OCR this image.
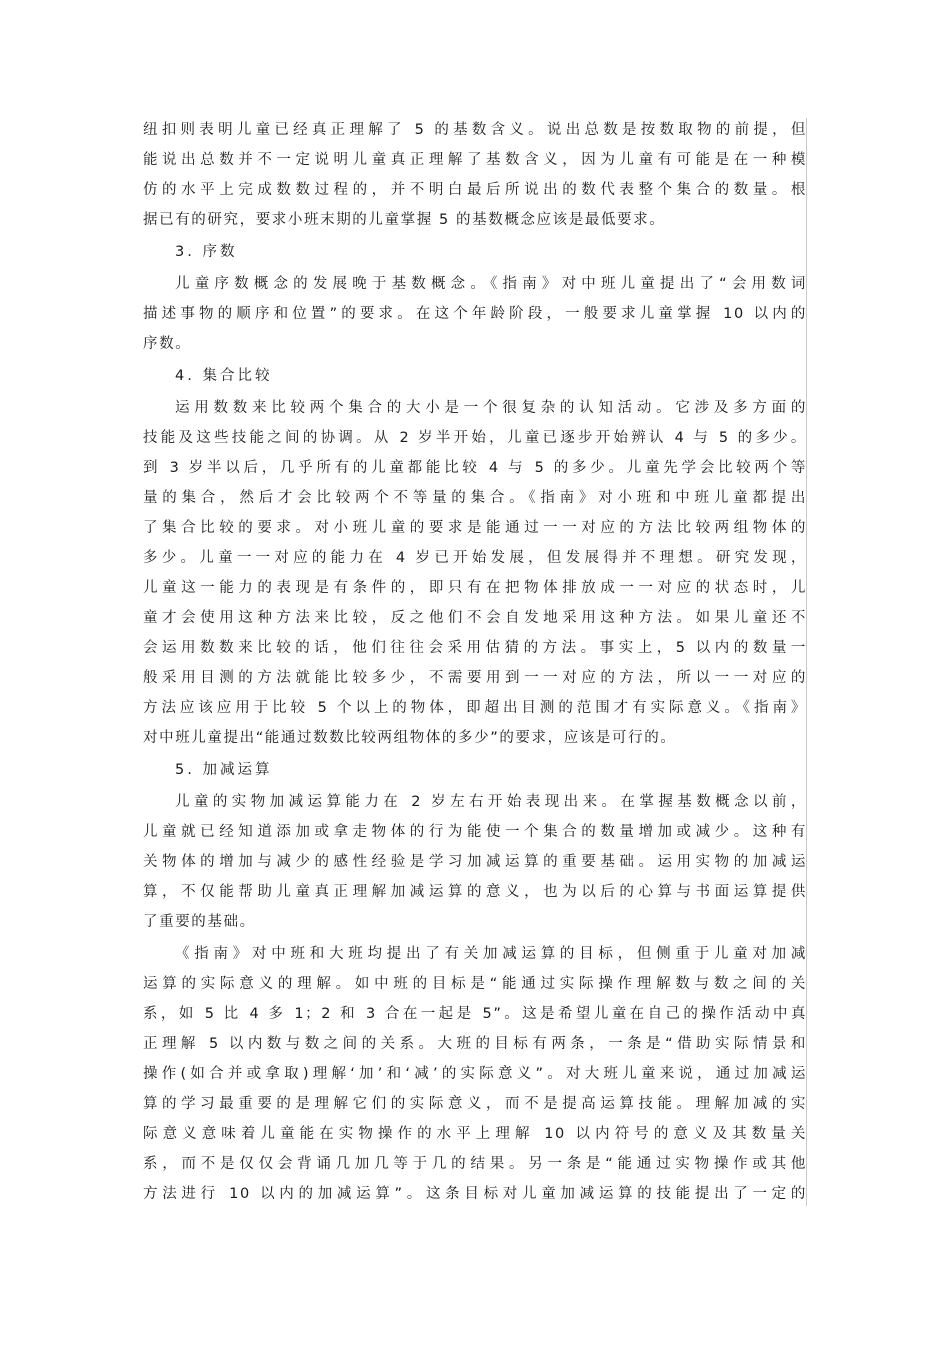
纽扣则表明儿童已经真正理解了 5 的基数含义。说出总数是按数取物的前提，但
能说出总数并不一定说明儿童真正理解了基数含义，因为儿童有可能是在一种模
仿的水平上完成数数过程的，并不明白最后所说出的数代表整个集合的数量。根
据已有的研究，要求小班末期的儿童掌握 5 的基数概念应该是最低要求。
3. 序数
儿童序数概念的发展晚于基数概念。《指南》对中班儿童提出了“会用数词
描述事物的顺序和位置”的要求。在这个年龄阶段，一般要求儿童掌握 10 以内的
序数。
4. 集合比较
运用数数来比较两个集合的大小是一个很复杂的认知活动。它涉及多方面的
技能及这些技能之间的协调。从 2 岁半开始，儿童已逐步开始辨认 4 与 5 的多少。
到 3 岁半以后，几乎所有的儿童都能比较 4 与 5 的多少。儿童先学会比较两个等
量的集合，然后才会比较两个不等量的集合。《指南》对小班和中班儿童都提出
了集合比较的要求。对小班儿童的要求是能通过一一对应的方法比较两组物体的
多少。儿童一一对应的能力在 4 岁已开始发展，但发展得并不理想。研究发现，
儿童这一能力的表现是有条件的，即只有在把物体排放成一一对应的状态时，儿
童才会使用这种方法来比较，反之他们不会自发地采用这种方法。如果儿童还不
会运用数数来比较的话，他们往往会采用估猜的方法。事实上，5 以内的数量一
般采用目测的方法就能比较多少，不需要用到一一对应的方法，所以一一对应的
方法应该应用于比较 5 个以上的物体，即超出目测的范围才有实际意义。《指南》
对中班儿童提出“能通过数数比较两组物体的多少”的要求，应该是可行的。
5. 加减运算
儿童的实物加减运算能力在 2 岁左右开始表现出来。在掌握基数概念以前，
儿童就已经知道添加或拿走物体的行为能使一个集合的数量增加或减少。这种有
关物体的增加与减少的感性经验是学习加减运算的重要基础。运用实物的加减运
算，不仅能帮助儿童真正理解加减运算的意义，也为以后的心算与书面运算提供
了重要的基础。
《指南》对中班和大班均提出了有关加减运算的目标，但侧重于儿童对加减
运算的实际意义的理解。如中班的目标是“能通过实际操作理解数与数之间的关
系，如 5 比 4 多 1；2 和 3 合在一起是 5”。这是希望儿童在自己的操作活动中真
正理解 5 以内数与数之间的关系。大班的目标有两条，一条是“借助实际情景和
操作(如合并或拿取)理解‘加’和‘减’的实际意义”。对大班儿童来说，通过加减运
算的学习最重要的是理解它们的实际意义，而不是提高运算技能。理解加减的实
际意义意味着儿童能在实物操作的水平上理解 10 以内符号的意义及其数量关
系，而不是仅仅会背诵几加几等于几的结果。另一条是“能通过实物操作或其他
方法进行 10 以内的加减运算”。这条目标对儿童加减运算的技能提出了一定的
